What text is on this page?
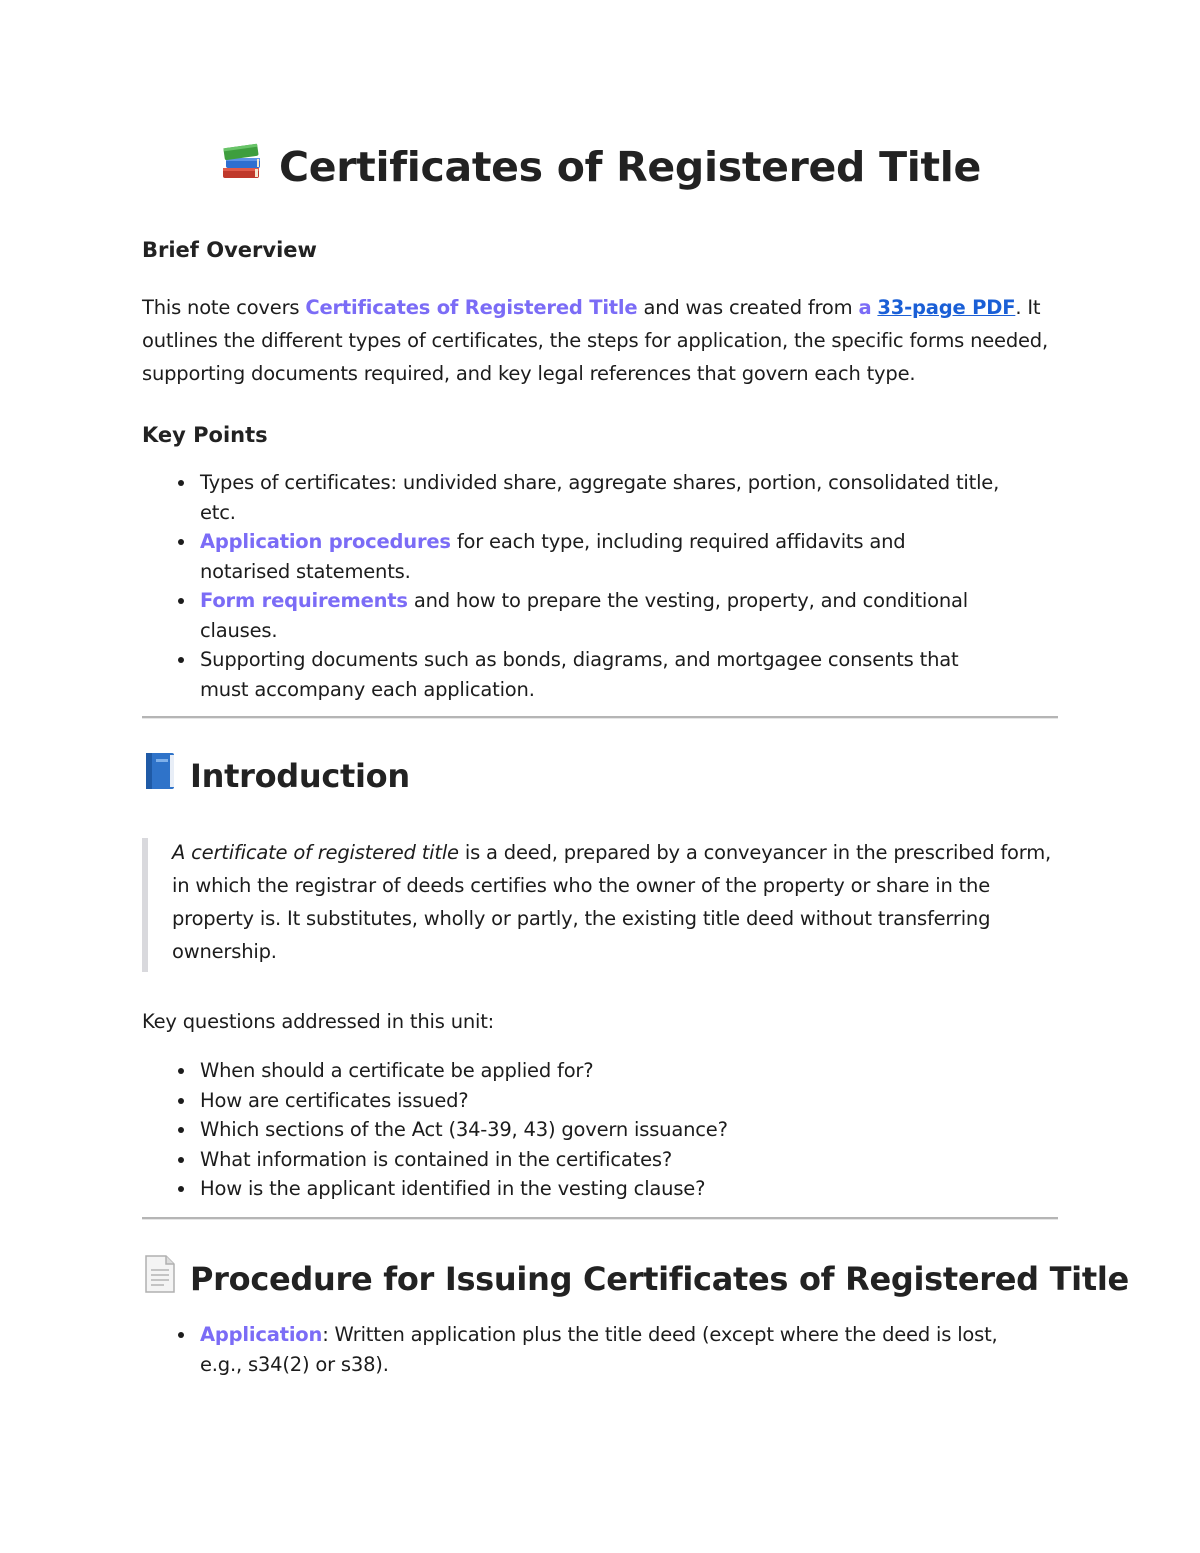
Certificates of Registered Title
Brief Overview
This note covers Certificates of Registered Title and was created from a 33-page PDF. It outlines the different types of certificates, the steps for application, the specific forms needed, supporting documents required, and key legal references that govern each type.
Key Points
Types of certificates: undivided share, aggregate shares, portion, consolidated title, etc.
Application procedures for each type, including required affidavits and notarised statements.
Form requirements and how to prepare the vesting, property, and conditional clauses.
Supporting documents such as bonds, diagrams, and mortgagee consents that must accompany each application.
Introduction
A certificate of registered title is a deed, prepared by a conveyancer in the prescribed form, in which the registrar of deeds certifies who the owner of the property or share in the property is. It substitutes, wholly or partly, the existing title deed without transferring ownership.
Key questions addressed in this unit:
When should a certificate be applied for?
How are certificates issued?
Which sections of the Act (34-39, 43) govern issuance?
What information is contained in the certificates?
How is the applicant identified in the vesting clause?
Procedure for Issuing Certificates of Registered Title
Application: Written application plus the title deed (except where the deed is lost, e.g., s34(2) or s38).
